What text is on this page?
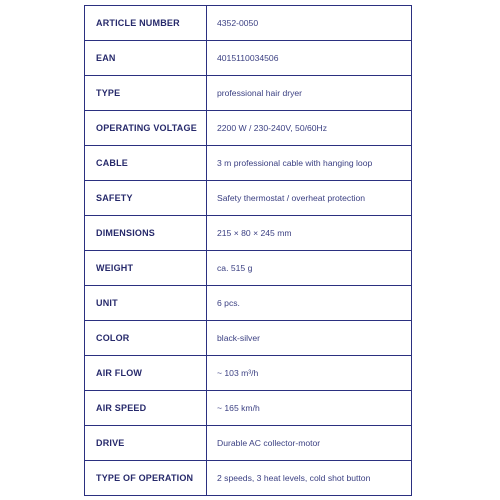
ARTICLE NUMBER	4352-0050
EAN	4015110034506
TYPE	professional hair dryer
OPERATING VOLTAGE	2200 W / 230-240V, 50/60Hz
CABLE	3 m professional cable with hanging loop
SAFETY	Safety thermostat / overheat protection
DIMENSIONS	215 × 80 × 245 mm
WEIGHT	ca. 515 g
UNIT	6 pcs.
COLOR	black-silver
AIR FLOW	~ 103 m³/h
AIR SPEED	~ 165 km/h
DRIVE	Durable AC collector-motor
TYPE OF OPERATION	2 speeds, 3 heat levels, cold shot button
